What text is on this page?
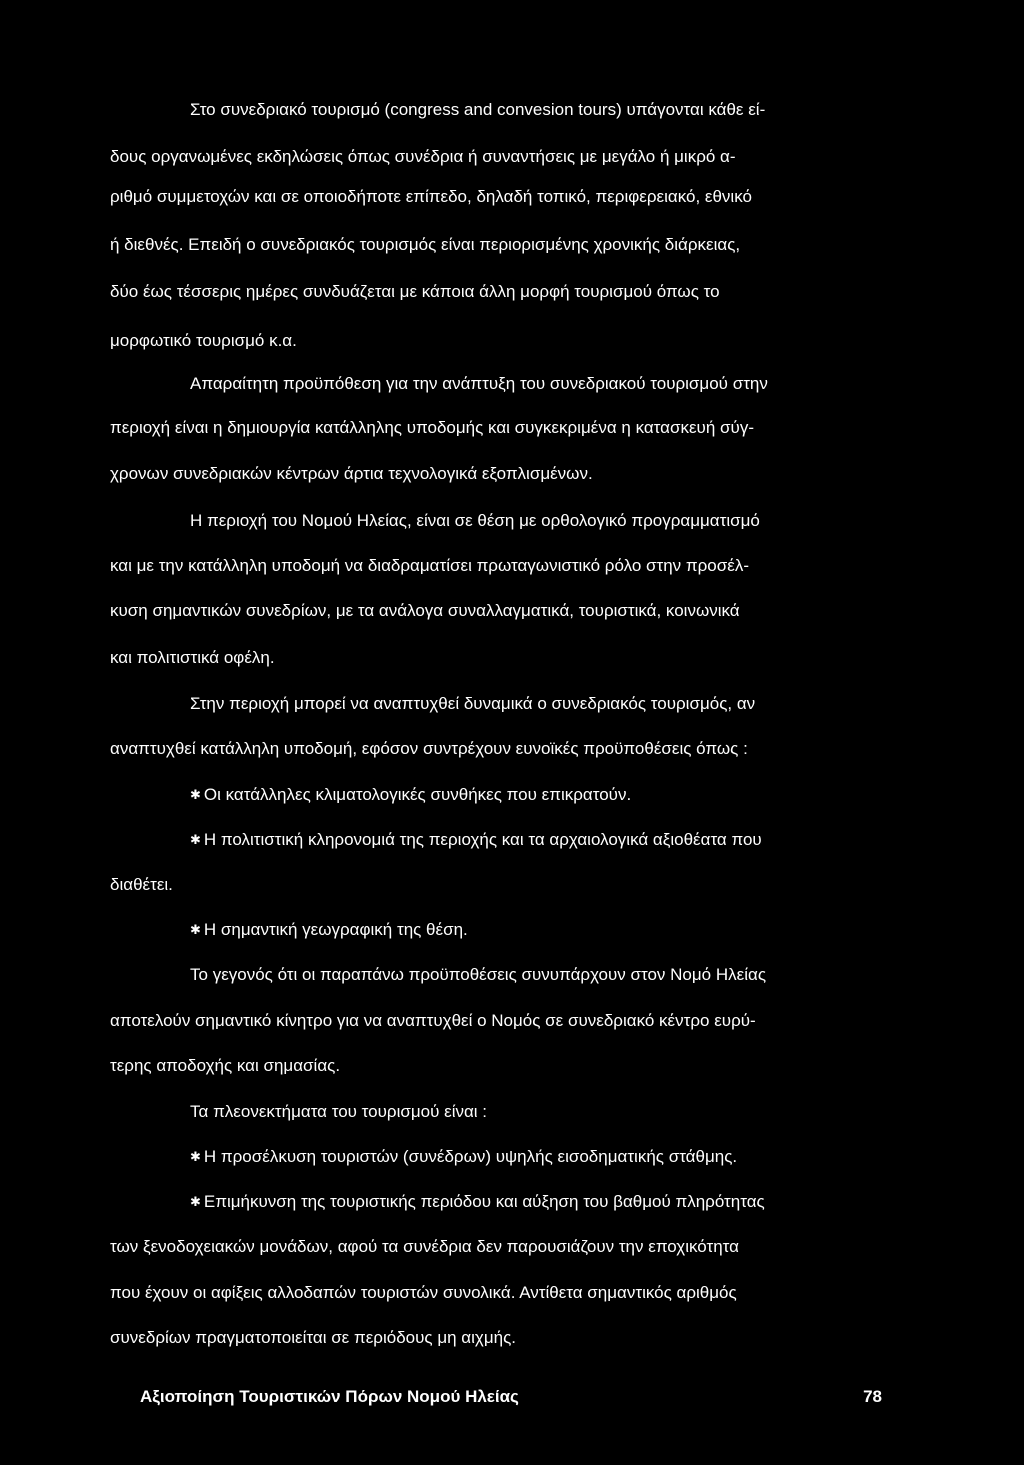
Στο συνεδριακό τουρισμό (congress and convesion tours) υπάγονται κάθε εί-
δους οργανωμένες εκδηλώσεις όπως συνέδρια ή συναντήσεις με μεγάλο ή μικρό α-
ριθμό συμμετοχών και σε οποιοδήποτε επίπεδο, δηλαδή τοπικό, περιφερειακό, εθνικό
ή διεθνές. Επειδή ο συνεδριακός τουρισμός είναι περιορισμένης χρονικής διάρκειας,
δύο έως τέσσερις ημέρες συνδυάζεται με κάποια άλλη μορφή τουρισμού όπως το
μορφωτικό τουρισμό κ.α.
Απαραίτητη προϋπόθεση για την ανάπτυξη του συνεδριακού τουρισμού στην
περιοχή είναι η δημιουργία κατάλληλης υποδομής και συγκεκριμένα η κατασκευή σύγ-
χρονων συνεδριακών κέντρων άρτια τεχνολογικά εξοπλισμένων.
Η περιοχή του Νομού Ηλείας, είναι σε θέση με ορθολογικό προγραμματισμό
και με την κατάλληλη υποδομή να διαδραματίσει πρωταγωνιστικό ρόλο στην προσέλ-
κυση σημαντικών συνεδρίων, με τα ανάλογα συναλλαγματικά, τουριστικά, κοινωνικά
και πολιτιστικά οφέλη.
Στην περιοχή μπορεί να αναπτυχθεί δυναμικά ο συνεδριακός τουρισμός, αν
αναπτυχθεί κατάλληλη υποδομή, εφόσον συντρέχουν ευνοϊκές προϋποθέσεις όπως :
✱ Οι κατάλληλες κλιματολογικές συνθήκες που επικρατούν.
✱ Η πολιτιστική κληρονομιά της περιοχής και τα αρχαιολογικά αξιοθέατα που
διαθέτει.
✱ Η σημαντική γεωγραφική της θέση.
Το γεγονός ότι οι παραπάνω προϋποθέσεις συνυπάρχουν στον Νομό Ηλείας
αποτελούν σημαντικό κίνητρο για να αναπτυχθεί ο Νομός σε συνεδριακό κέντρο ευρύ-
τερης αποδοχής και σημασίας.
Τα πλεονεκτήματα του τουρισμού είναι :
✱ Η προσέλκυση τουριστών (συνέδρων) υψηλής εισοδηματικής στάθμης.
✱ Επιμήκυνση της τουριστικής περιόδου και αύξηση του βαθμού πληρότητας
των ξενοδοχειακών μονάδων, αφού τα συνέδρια δεν παρουσιάζουν την εποχικότητα
που έχουν οι αφίξεις αλλοδαπών τουριστών συνολικά. Αντίθετα σημαντικός αριθμός
συνεδρίων πραγματοποιείται σε περιόδους μη αιχμής.
Αξιοποίηση Τουριστικών Πόρων Νομού Ηλείας	78
